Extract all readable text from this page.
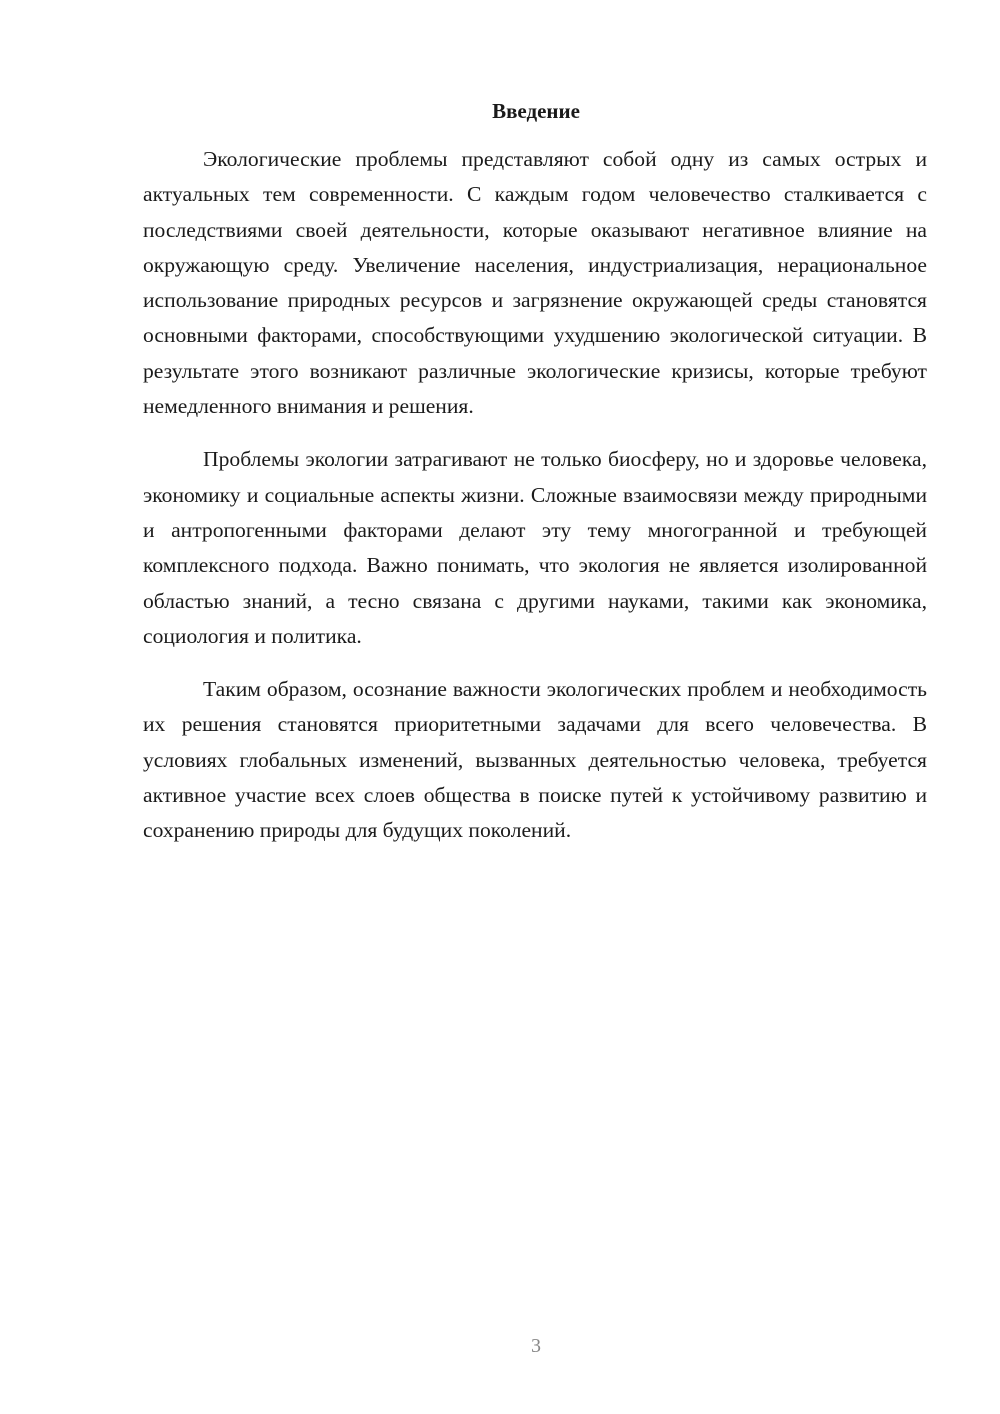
Введение

Экологические проблемы представляют собой одну из самых острых и актуальных тем современности. С каждым годом человечество сталкивается с последствиями своей деятельности, которые оказывают негативное влияние на окружающую среду. Увеличение населения, индустриализация, нерациональное использование природных ресурсов и загрязнение окружающей среды становятся основными факторами, способствующими ухудшению экологической ситуации. В результате этого возникают различные экологические кризисы, которые требуют немедленного внимания и решения.

Проблемы экологии затрагивают не только биосферу, но и здоровье человека, экономику и социальные аспекты жизни. Сложные взаимосвязи между природными и антропогенными факторами делают эту тему многогранной и требующей комплексного подхода. Важно понимать, что экология не является изолированной областью знаний, а тесно связана с другими науками, такими как экономика, социология и политика.

Таким образом, осознание важности экологических проблем и необходимость их решения становятся приоритетными задачами для всего человечества. В условиях глобальных изменений, вызванных деятельностью человека, требуется активное участие всех слоев общества в поиске путей к устойчивому развитию и сохранению природы для будущих поколений.

3
